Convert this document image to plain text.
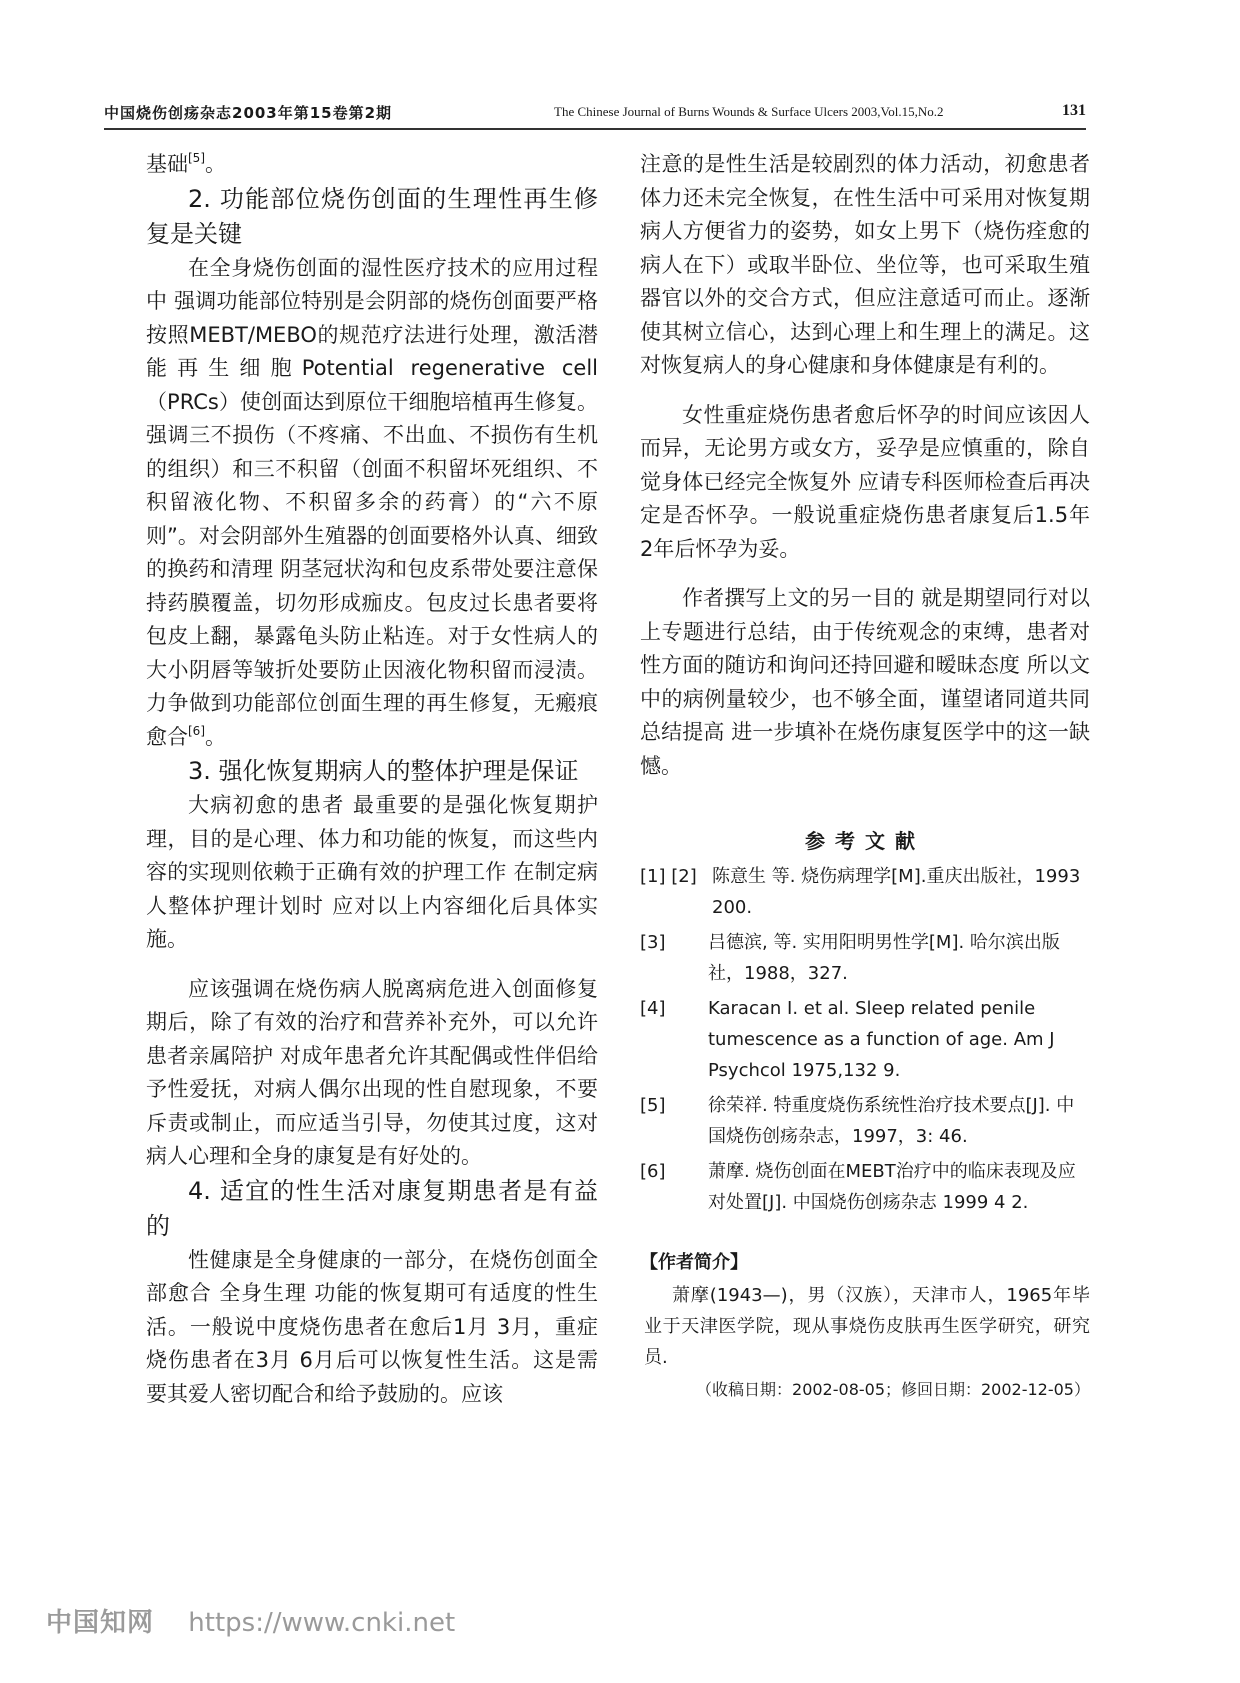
中国烧伤创疡杂志2003年第15卷第2期	The Chinese Journal of Burns Wounds & Surface Ulcers 2003,Vol.15,No.2	131

基础[5]。

2. 功能部位烧伤创面的生理性再生修复是关键

在全身烧伤创面的湿性医疗技术的应用过程中 强调功能部位特别是会阴部的烧伤创面要严格按照MEBT/MEBO的规范疗法进行处理，激活潜能再生细胞Potential regenerative cell（PRCs）使创面达到原位干细胞培植再生修复。强调三不损伤（不疼痛、不出血、不损伤有生机的组织）和三不积留（创面不积留坏死组织、不积留液化物、不积留多余的药膏）的“六不原则”。对会阴部外生殖器的创面要格外认真、细致的换药和清理 阴茎冠状沟和包皮系带处要注意保持药膜覆盖，切勿形成痂皮。包皮过长患者要将包皮上翻，暴露龟头防止粘连。对于女性病人的大小阴唇等皱折处要防止因液化物积留而浸渍。力争做到功能部位创面生理的再生修复，无瘢痕愈合[6]。

3. 强化恢复期病人的整体护理是保证

大病初愈的患者 最重要的是强化恢复期护理，目的是心理、体力和功能的恢复，而这些内容的实现则依赖于正确有效的护理工作 在制定病人整体护理计划时 应对以上内容细化后具体实施。

应该强调在烧伤病人脱离病危进入创面修复期后，除了有效的治疗和营养补充外，可以允许患者亲属陪护 对成年患者允许其配偶或性伴侣给予性爱抚，对病人偶尔出现的性自慰现象，不要斥责或制止，而应适当引导，勿使其过度，这对病人心理和全身的康复是有好处的。

4. 适宜的性生活对康复期患者是有益的

性健康是全身健康的一部分，在烧伤创面全部愈合 全身生理 功能的恢复期可有适度的性生活。一般说中度烧伤患者在愈后1月 3月，重症烧伤患者在3月 6月后可以恢复性生活。这是需要其爱人密切配合和给予鼓励的。应该

注意的是性生活是较剧烈的体力活动，初愈患者体力还未完全恢复，在性生活中可采用对恢复期病人方便省力的姿势，如女上男下（烧伤痊愈的病人在下）或取半卧位、坐位等，也可采取生殖器官以外的交合方式，但应注意适可而止。逐渐使其树立信心，达到心理上和生理上的满足。这对恢复病人的身心健康和身体健康是有利的。

女性重症烧伤患者愈后怀孕的时间应该因人而异，无论男方或女方，妥孕是应慎重的，除自觉身体已经完全恢复外 应请专科医师检查后再决定是否怀孕。一般说重症烧伤患者康复后1.5年 2年后怀孕为妥。

作者撰写上文的另一目的 就是期望同行对以上专题进行总结，由于传统观念的束缚，患者对性方面的随访和询问还持回避和暧昧态度 所以文中的病例量较少，也不够全面，谨望诸同道共同总结提高 进一步填补在烧伤康复医学中的这一缺憾。

参考文献
[1] [2] 陈意生 等. 烧伤病理学[M].重庆出版社，1993 200.
[3]	吕德滨, 等. 实用阳明男性学[M]. 哈尔滨出版社，1988，327.
[4]	Karacan I. et al. Sleep related penile tumescence as a function of age. Am J Psychcol 1975,132 9.
[5]	徐荣祥. 特重度烧伤系统性治疗技术要点[J]. 中国烧伤创疡杂志，1997，3: 46.
[6]	萧摩. 烧伤创面在MEBT治疗中的临床表现及应对处置[J]. 中国烧伤创疡杂志 1999 4 2.
【作者简介】
萧摩(1943—)，男（汉族），天津市人，1965年毕业于天津医学院，现从事烧伤皮肤再生医学研究，研究员.
（收稿日期：2002-08-05；修回日期：2002-12-05）
中国知网 https://www.cnki.net
